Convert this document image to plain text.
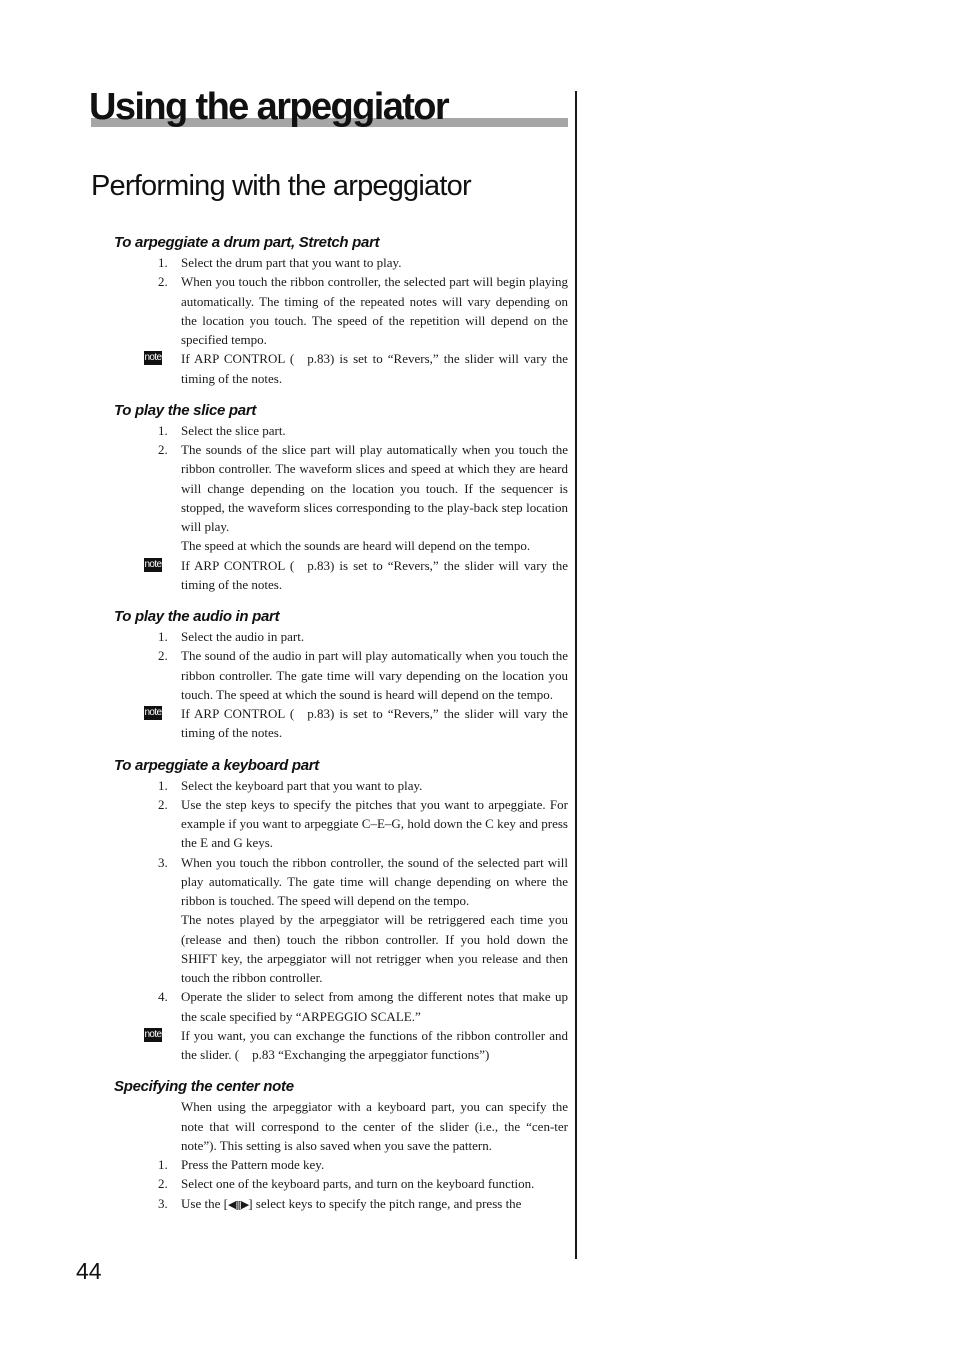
Using the arpeggiator
Performing with the arpeggiator
To arpeggiate a drum part, Stretch part
1. Select the drum part that you want to play.
2. When you touch the ribbon controller, the selected part will begin playing automatically. The timing of the repeated notes will vary depending on the location you touch. The speed of the repetition will depend on the specified tempo.
note If ARP CONTROL ( p.83) is set to “Revers,” the slider will vary the timing of the notes.
To play the slice part
1. Select the slice part.
2. The sounds of the slice part will play automatically when you touch the ribbon controller. The waveform slices and speed at which they are heard will change depending on the location you touch. If the sequencer is stopped, the waveform slices corresponding to the play-back step location will play.
The speed at which the sounds are heard will depend on the tempo.
note If ARP CONTROL ( p.83) is set to “Revers,” the slider will vary the timing of the notes.
To play the audio in part
1. Select the audio in part.
2. The sound of the audio in part will play automatically when you touch the ribbon controller. The gate time will vary depending on the location you touch. The speed at which the sound is heard will depend on the tempo.
note If ARP CONTROL ( p.83) is set to “Revers,” the slider will vary the timing of the notes.
To arpeggiate a keyboard part
1. Select the keyboard part that you want to play.
2. Use the step keys to specify the pitches that you want to arpeggiate. For example if you want to arpeggiate C–E–G, hold down the C key and press the E and G keys.
3. When you touch the ribbon controller, the sound of the selected part will play automatically. The gate time will change depending on where the ribbon is touched. The speed will depend on the tempo.
The notes played by the arpeggiator will be retriggered each time you (release and then) touch the ribbon controller. If you hold down the SHIFT key, the arpeggiator will not retrigger when you release and then touch the ribbon controller.
4. Operate the slider to select from among the different notes that make up the scale specified by “ARPEGGIO SCALE.”
note If you want, you can exchange the functions of the ribbon controller and the slider. ( p.83 “Exchanging the arpeggiator functions”)
Specifying the center note
When using the arpeggiator with a keyboard part, you can specify the note that will correspond to the center of the slider (i.e., the “cen-ter note”). This setting is also saved when you save the pattern.
1. Press the Pattern mode key.
2. Select one of the keyboard parts, and turn on the keyboard function.
3. Use the [◀][▶] select keys to specify the pitch range, and press the
44
